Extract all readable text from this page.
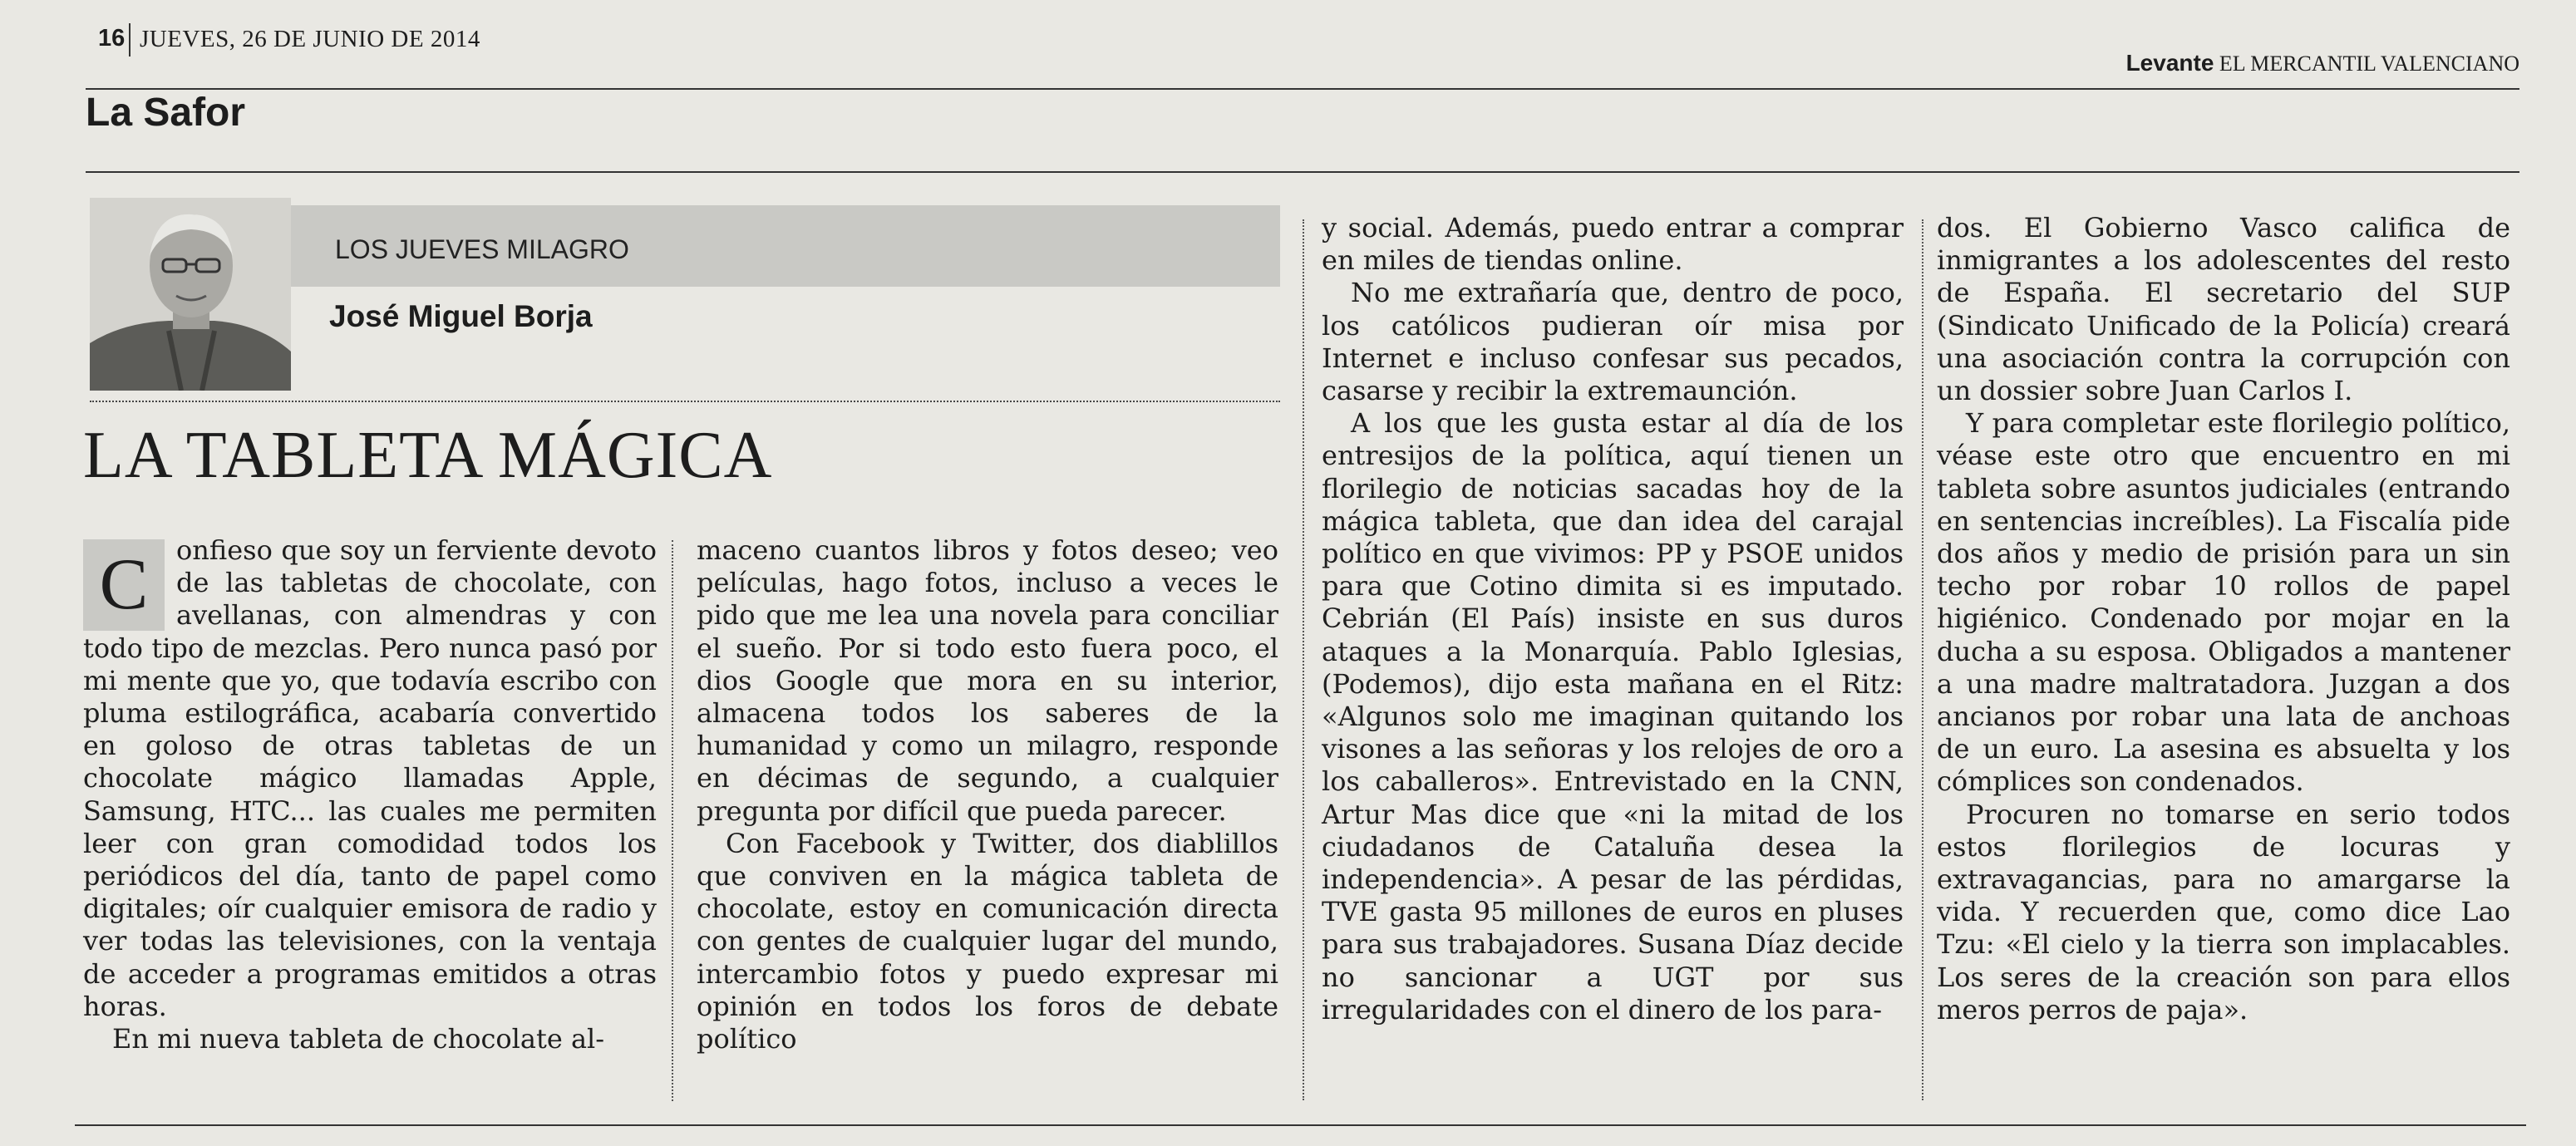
16 JUEVES, 26 DE JUNIO DE 2014
Levante EL MERCANTIL VALENCIANO
La Safor
LOS JUEVES MILAGRO
José Miguel Borja
LA TABLETA MÁGICA
C	onfieso que soy un ferviente devoto de las tabletas de chocolate, con avellanas, con almendras y con todo tipo de mezclas. Pero nunca pasó por mi mente que yo, que todavía escribo con pluma estilográfica, acabaría convertido en goloso de otras tabletas de un chocolate mágico llamadas Apple, Samsung, HTC... las cuales me permiten leer con gran comodidad todos los periódicos del día, tanto de papel como digitales; oír cualquier emisora de radio y ver todas las televisiones, con la ventaja de acceder a programas emitidos a otras horas.

En mi nueva tableta de chocolate al-

maceno cuantos libros y fotos deseo; veo películas, hago fotos, incluso a veces le pido que me lea una novela para conciliar el sueño. Por si todo esto fuera poco, el dios Google que mora en su interior, almacena todos los saberes de la humanidad y como un milagro, responde en décimas de segundo, a cualquier pregunta por difícil que pueda parecer.

Con Facebook y Twitter, dos diablillos que conviven en la mágica tableta de chocolate, estoy en comunicación directa con gentes de cualquier lugar del mundo, intercambio fotos y puedo expresar mi opinión en todos los foros de debate político

y social. Además, puedo entrar a comprar en miles de tiendas online.

No me extrañaría que, dentro de poco, los católicos pudieran oír misa por Internet e incluso confesar sus pecados, casarse y recibir la extremaunción.

A los que les gusta estar al día de los entresijos de la política, aquí tienen un florilegio de noticias sacadas hoy de la mágica tableta, que dan idea del carajal político en que vivimos: PP y PSOE unidos para que Cotino dimita si es imputado. Cebrián (El País) insiste en sus duros ataques a la Monarquía. Pablo Iglesias, (Podemos), dijo esta mañana en el Ritz: «Algunos solo me imaginan quitando los visones a las señoras y los relojes de oro a los caballeros». Entrevistado en la CNN, Artur Mas dice que «ni la mitad de los ciudadanos de Cataluña desea la independencia». A pesar de las pérdidas, TVE gasta 95 millones de euros en pluses para sus trabajadores. Susana Díaz decide no sancionar a UGT por sus irregularidades con el dinero de los para-

dos. El Gobierno Vasco califica de inmigrantes a los adolescentes del resto de España. El secretario del SUP (Sindicato Unificado de la Policía) creará una asociación contra la corrupción con un dossier sobre Juan Carlos I.

Y para completar este florilegio político, véase este otro que encuentro en mi tableta sobre asuntos judiciales (entrando en sentencias increíbles). La Fiscalía pide dos años y medio de prisión para un sin techo por robar 10 rollos de papel higiénico. Condenado por mojar en la ducha a su esposa. Obligados a mantener a una madre maltratadora. Juzgan a dos ancianos por robar una lata de anchoas de un euro. La asesina es absuelta y los cómplices son condenados.

Procuren no tomarse en serio todos estos florilegios de locuras y extravagancias, para no amargarse la vida. Y recuerden que, como dice Lao Tzu: «El cielo y la tierra son implacables. Los seres de la creación son para ellos meros perros de paja».
